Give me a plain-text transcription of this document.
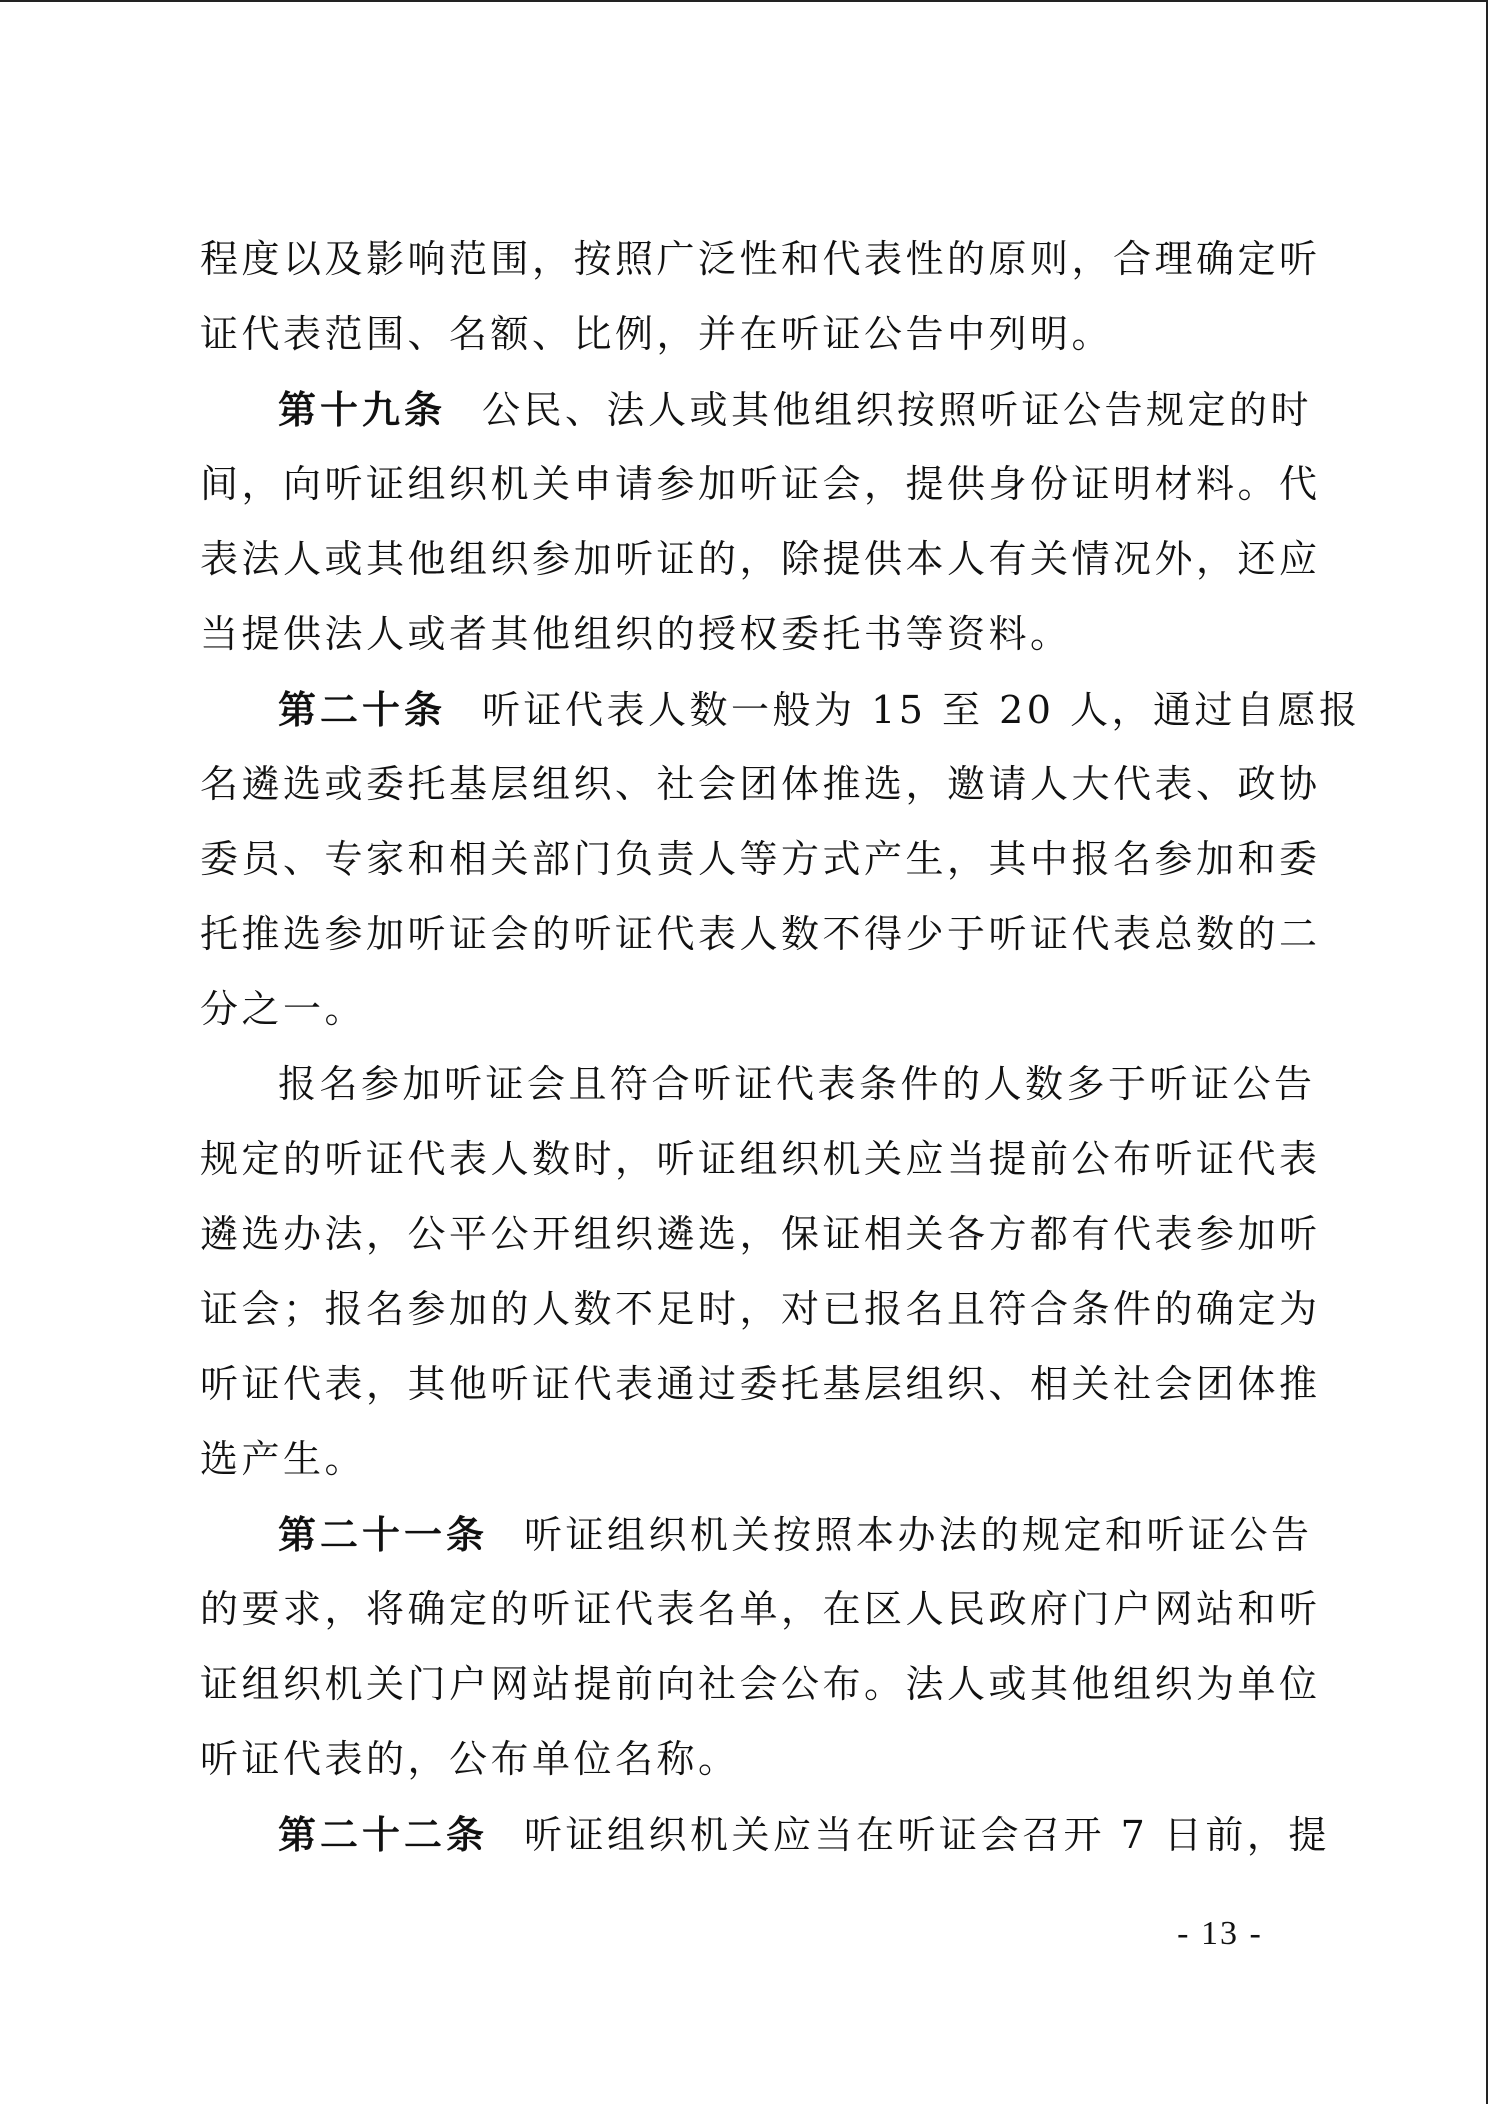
程度以及影响范围，按照广泛性和代表性的原则，合理确定听
证代表范围、名额、比例，并在听证公告中列明。
第十九条 公民、法人或其他组织按照听证公告规定的时
间，向听证组织机关申请参加听证会，提供身份证明材料。代
表法人或其他组织参加听证的，除提供本人有关情况外，还应
当提供法人或者其他组织的授权委托书等资料。
第二十条 听证代表人数一般为 15 至 20 人，通过自愿报
名遴选或委托基层组织、社会团体推选，邀请人大代表、政协
委员、专家和相关部门负责人等方式产生，其中报名参加和委
托推选参加听证会的听证代表人数不得少于听证代表总数的二
分之一。
报名参加听证会且符合听证代表条件的人数多于听证公告
规定的听证代表人数时，听证组织机关应当提前公布听证代表
遴选办法，公平公开组织遴选，保证相关各方都有代表参加听
证会；报名参加的人数不足时，对已报名且符合条件的确定为
听证代表，其他听证代表通过委托基层组织、相关社会团体推
选产生。
第二十一条 听证组织机关按照本办法的规定和听证公告
的要求，将确定的听证代表名单，在区人民政府门户网站和听
证组织机关门户网站提前向社会公布。法人或其他组织为单位
听证代表的，公布单位名称。
第二十二条 听证组织机关应当在听证会召开 7 日前，提
- 13 -
